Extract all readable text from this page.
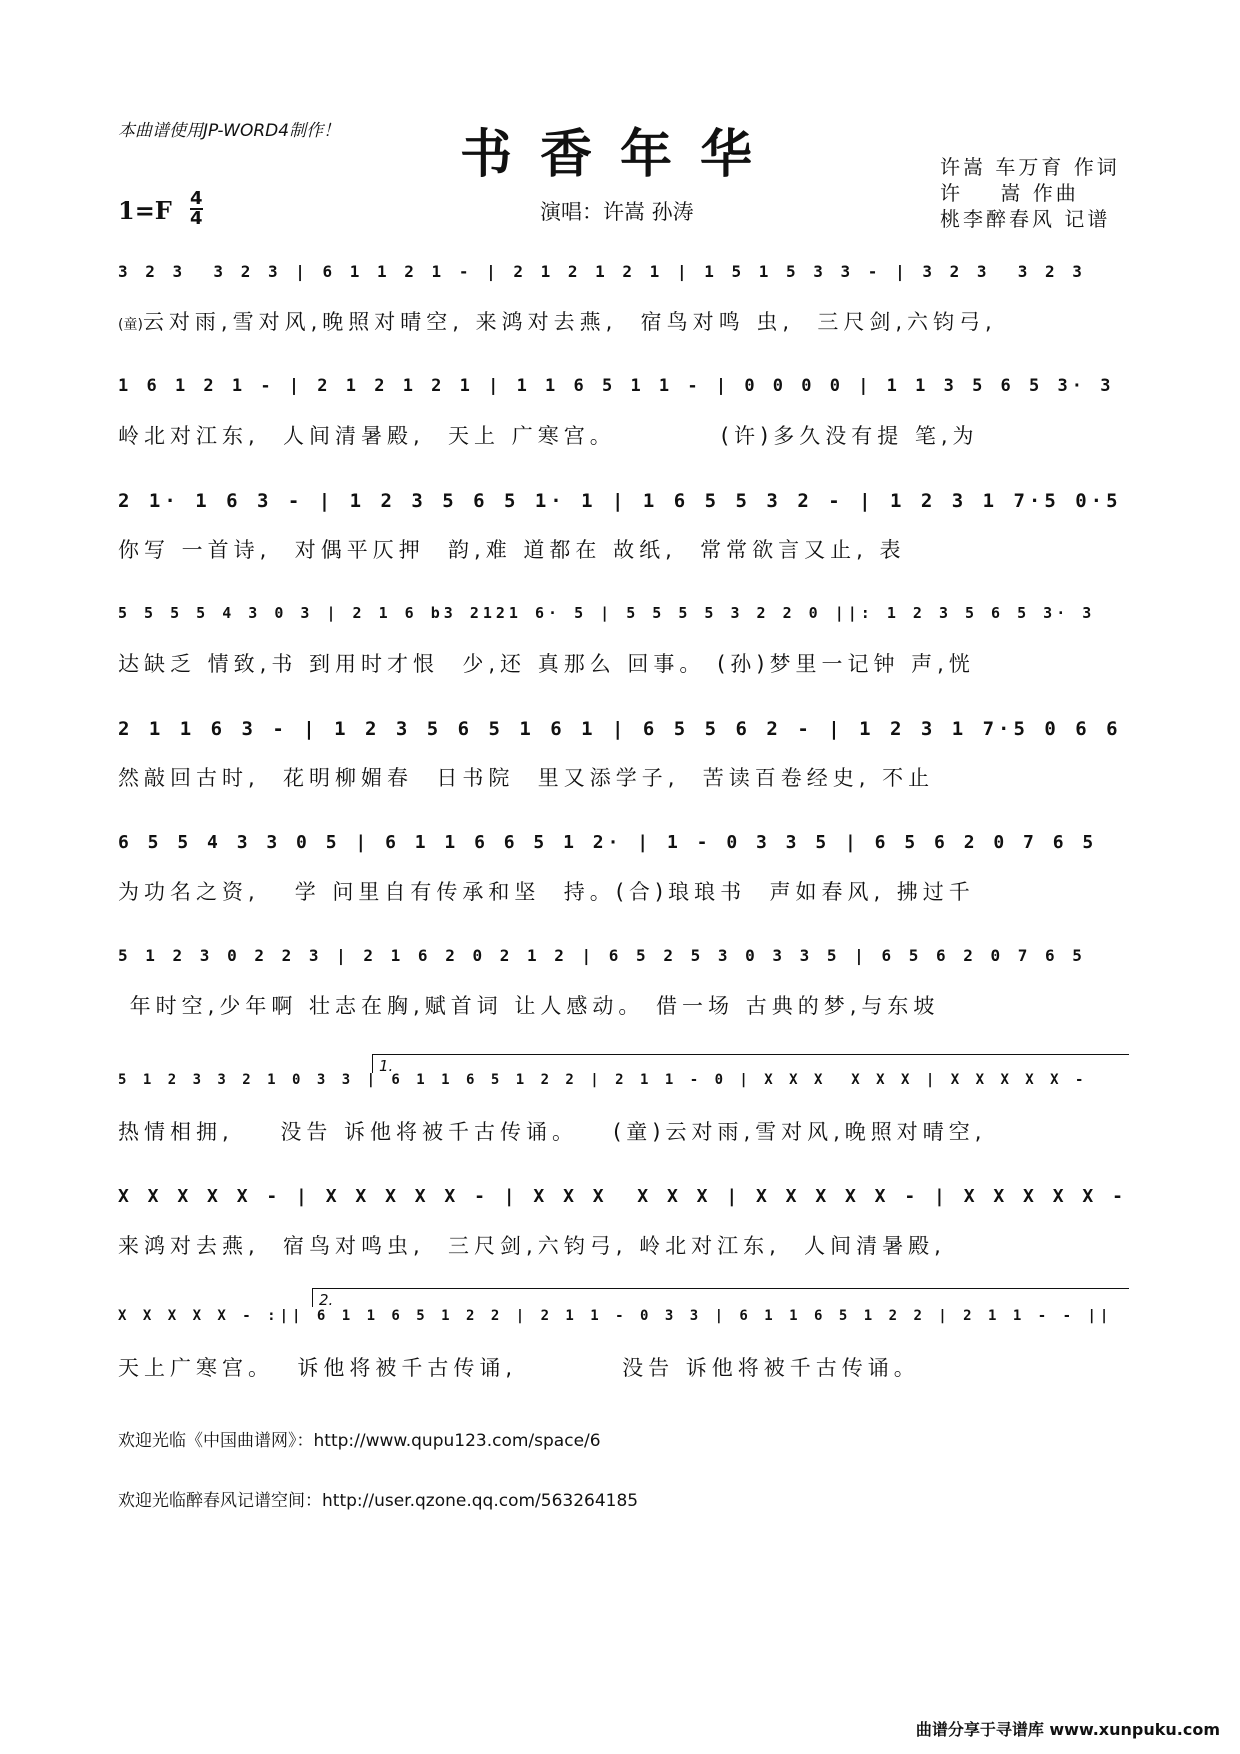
本曲谱使用JP-WORD4制作！	书香年华
1=F 4
4	演唱：许嵩 孙涛
许嵩 车万育 作词
许    嵩 作曲
桃李醉春风 记谱
3 2 3  3 2 3 | 6 1 1 2 1 - | 2 1 2 1 2 1 | 1 5 1 5 3 3 - | 3 2 3  3 2 3
(童)云对雨,雪对风,晚照对晴空, 来鸿对去燕,  宿鸟对鸣 虫,  三尺剑,六钧弓,
1 6 1 2 1 - | 2 1 2 1 2 1 | 1 1 6 5 1 1 - | 0 0 0 0 | 1 1 3 5 6 5 3· 3
岭北对江东,  人间清暑殿,  天上 广寒宫。         (许)多久没有提 笔,为
2 1· 1 6 3 - | 1 2 3 5 6 5 1· 1 | 1 6 5 5 3 2 - | 1 2 3 1 7·5 0·5
你写 一首诗,  对偶平仄押  韵,难 道都在 故纸,  常常欲言又止, 表
5 5 5 5 4 3 0 3 | 2 1 6 b3 2121 6· 5 | 5 5 5 5 3 2 2 0 ||: 1 2 3 5 6 5 3· 3
达缺乏 情致,书 到用时才恨  少,还 真那么 回事。 (孙)梦里一记钟 声,恍
2 1 1 6 3 - | 1 2 3 5 6 5 1 6 1 | 6 5 5 6 2 - | 1 2 3 1 7·5 0 6 6
然敲回古时,  花明柳媚春  日书院  里又添学子,  苦读百卷经史, 不止
6 5 5 4 3 3 0 5 | 6 1 1 6 6 5 1 2· | 1 - 0 3 3 5 | 6 5 6 2 0 7 6 5
为功名之资,   学 问里自有传承和坚  持。(合)琅琅书  声如春风, 拂过千
5 1 2 3 0 2 2 3 | 2 1 6 2 0 2 1 2 | 6 5 2 5 3 0 3 3 5 | 6 5 6 2 0 7 6 5
年时空,少年啊 壮志在胸,赋首词 让人感动。 借一场 古典的梦,与东坡
5 1 2 3 3 2 1 0 3 3 | 6 1 1 6 5 1 2 2 | 2 1 1 - 0 | X X X  X X X | X X X X X -
热情相拥,    没告 诉他将被千古传诵。   (童)云对雨,雪对风,晚照对晴空,
X X X X X - | X X X X X - | X X X  X X X | X X X X X - | X X X X X -
来鸿对去燕,  宿鸟对鸣虫,  三尺剑,六钧弓, 岭北对江东,  人间清暑殿,
X X X X X - :|| 6 1 1 6 5 1 2 2 | 2 1 1 - 0 3 3 | 6 1 1 6 5 1 2 2 | 2 1 1 - - ||
天上广寒宫。  诉他将被千古传诵,         没告 诉他将被千古传诵。
1.
2.
欢迎光临《中国曲谱网》：http://www.qupu123.com/space/6
欢迎光临醉春风记谱空间：http://user.qzone.qq.com/563264185
曲谱分享于寻谱库 www.xunpuku.com
